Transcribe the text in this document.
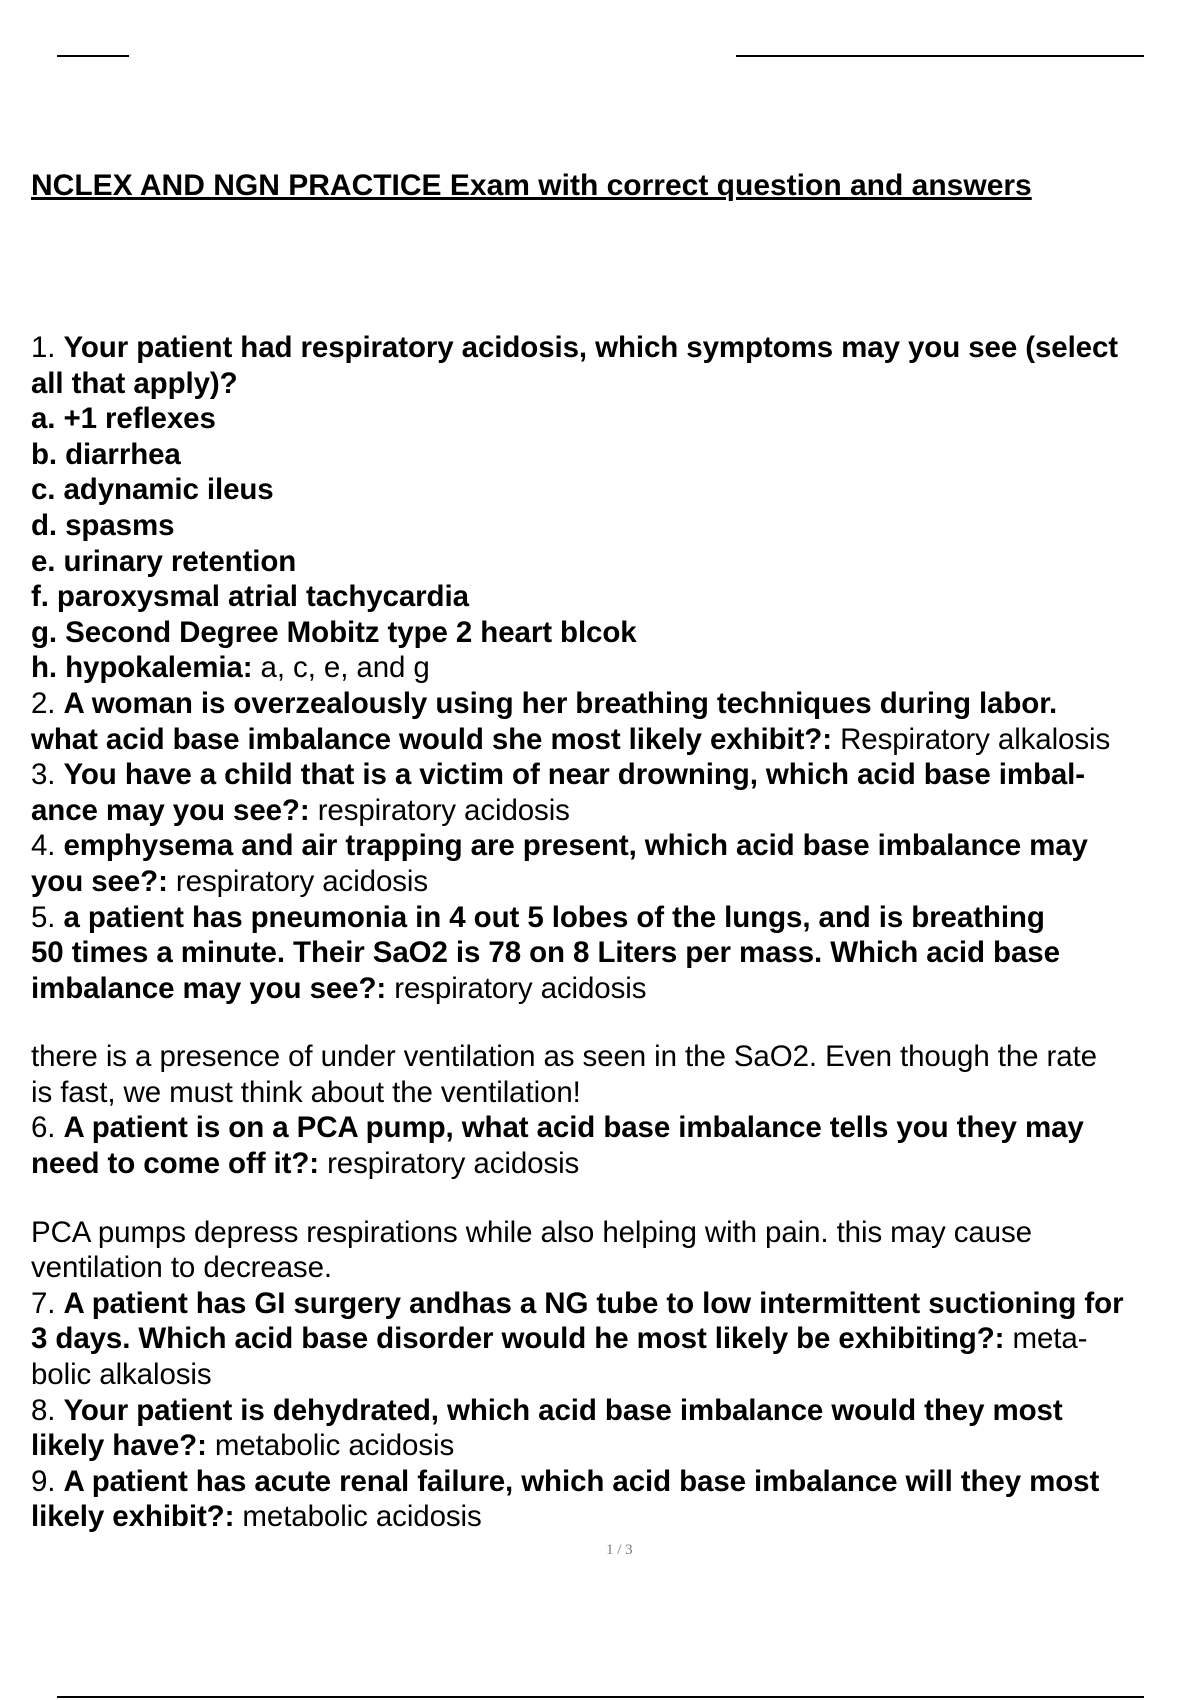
NCLEX AND NGN PRACTICE Exam with correct question and answers
1. Your patient had respiratory acidosis, which symptoms may you see (select
all that apply)?
a. +1 reflexes
b. diarrhea
c. adynamic ileus
d. spasms
e. urinary retention
f. paroxysmal atrial tachycardia
g. Second Degree Mobitz type 2 heart blcok
h. hypokalemia: a, c, e, and g
2. A woman is overzealously using her breathing techniques during labor.
what acid base imbalance would she most likely exhibit?: Respiratory alkalosis
3. You have a child that is a victim of near drowning, which acid base imbal-
ance may you see?: respiratory acidosis
4. emphysema and air trapping are present, which acid base imbalance may
you see?: respiratory acidosis
5. a patient has pneumonia in 4 out 5 lobes of the lungs, and is breathing
50 times a minute. Their SaO2 is 78 on 8 Liters per mass. Which acid base
imbalance may you see?: respiratory acidosis
there is a presence of under ventilation as seen in the SaO2. Even though the rate
is fast, we must think about the ventilation!
6. A patient is on a PCA pump, what acid base imbalance tells you they may
need to come off it?: respiratory acidosis
PCA pumps depress respirations while also helping with pain. this may cause
ventilation to decrease.
7. A patient has GI surgery andhas a NG tube to low intermittent suctioning for
3 days. Which acid base disorder would he most likely be exhibiting?: meta-
bolic alkalosis
8. Your patient is dehydrated, which acid base imbalance would they most
likely have?: metabolic acidosis
9. A patient has acute renal failure, which acid base imbalance will they most
likely exhibit?: metabolic acidosis
1 / 3
